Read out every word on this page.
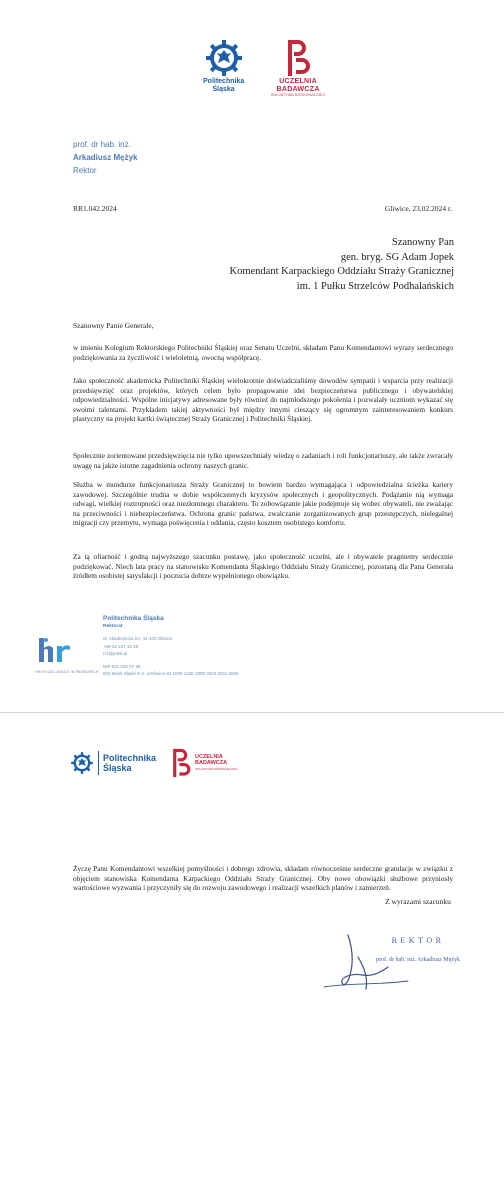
Politechnika
Śląska
UCZELNIA
BADAWCZA
INICJATYWA DOSKONAŁOŚCI
prof. dr hab. inż.
Arkadiusz Mężyk
Rektor
RR1.042.2024	Gliwice, 23.02.2024 r.
Szanowny Pan
gen. bryg. SG Adam Jopek
Komendant Karpackiego Oddziału Straży Granicznej
im. 1 Pułku Strzelców Podhalańskich
Szanowny Panie Generale,

w imieniu Kolegium Rektorskiego Politechniki Śląskiej oraz Senatu Uczelni, składam Panu Komendantowi wyrazy serdecznego podziękowania za życzliwość i wieloletnią, owocną współpracę.

Jako społeczność akademicka Politechniki Śląskiej wielokrotnie doświadczaliśmy dowodów sympatii i wsparcia przy realizacji przedsięwzięć oraz projektów, których celem było propagowanie idei bezpieczeństwa publicznego i obywatelskiej odpowiedzialności. Wspólne inicjatywy adresowane były również do najmłodszego pokolenia i pozwalały uczniom wykazać się swoimi talentami. Przykładem takiej aktywności był między innymi cieszący się ogromnym zainteresowaniem konkurs plastyczny na projekt kartki świątecznej Straży Granicznej i Politechniki Śląskiej.

Społecznie zorientowane przedsięwzięcia nie tylko upowszechniały wiedzę o zadaniach i roli funkcjonariuszy, ale także zwracały uwagę na jakże istotne zagadnienia ochrony naszych granic.

Służba w mundurze funkcjonariusza Straży Granicznej to bowiem bardzo wymagająca i odpowiedzialna ścieżka kariery zawodowej. Szczególnie trudna w dobie współczesnych kryzysów społecznych i geopolitycznych. Podążanie nią wymaga odwagi, wielkiej roztropności oraz niezłomnego charakteru. To zobowiązanie jakie podejmuje się wobec obywateli, nie zważając na przeciwności i niebezpieczeństwa. Ochrona granic państwa, zwalczanie zorganizowanych grup przestępczych, nielegalnej migracji czy przemytu, wymaga poświęcenia i oddania, często kosztem osobistego komfortu.

Za tą ofiarność i godną najwyższego szacunku postawę, jako społeczność uczelni, ale i obywatele pragniemy serdecznie podziękować. Niech lata pracy na stanowisku Komendanta Śląskiego Oddziału Straży Granicznej, pozostaną dla Pana Generała źródłem osobistej satysfakcji i poczucia dobrze wypełnionego obowiązku.

HR EXCELLENCE IN RESEARCH
Politechnika Śląska
Rektorat
ul. Akademicka 2A, 44-100 Gliwice
+48 32 237 12 55
rr1@polsl.pl
NIP 631 020 07 36
ING Bank Śląski S.A. o/Gliwice 60 1050 1230 1000 0002 0211 5056
Politechnika
Śląska
UCZELNIA
BADAWCZA
INICJATYWA DOSKONAŁOŚCI

Życzę Panu Komendantowi wszelkiej pomyślności i dobrego zdrowia, składam równocześnie serdeczne gratulacje w związku z objęciem stanowiska Komendanta Karpackiego Oddziału Straży Granicznej. Oby nowe obowiązki służbowe przyniosły wartościowe wyzwania i przyczyniły się do rozwoju zawodowego i realizacji wszelkich planów i zamierzeń.

Z wyrazami szacunku
REKTOR
prof. dr hab. inż. Arkadiusz Mężyk
